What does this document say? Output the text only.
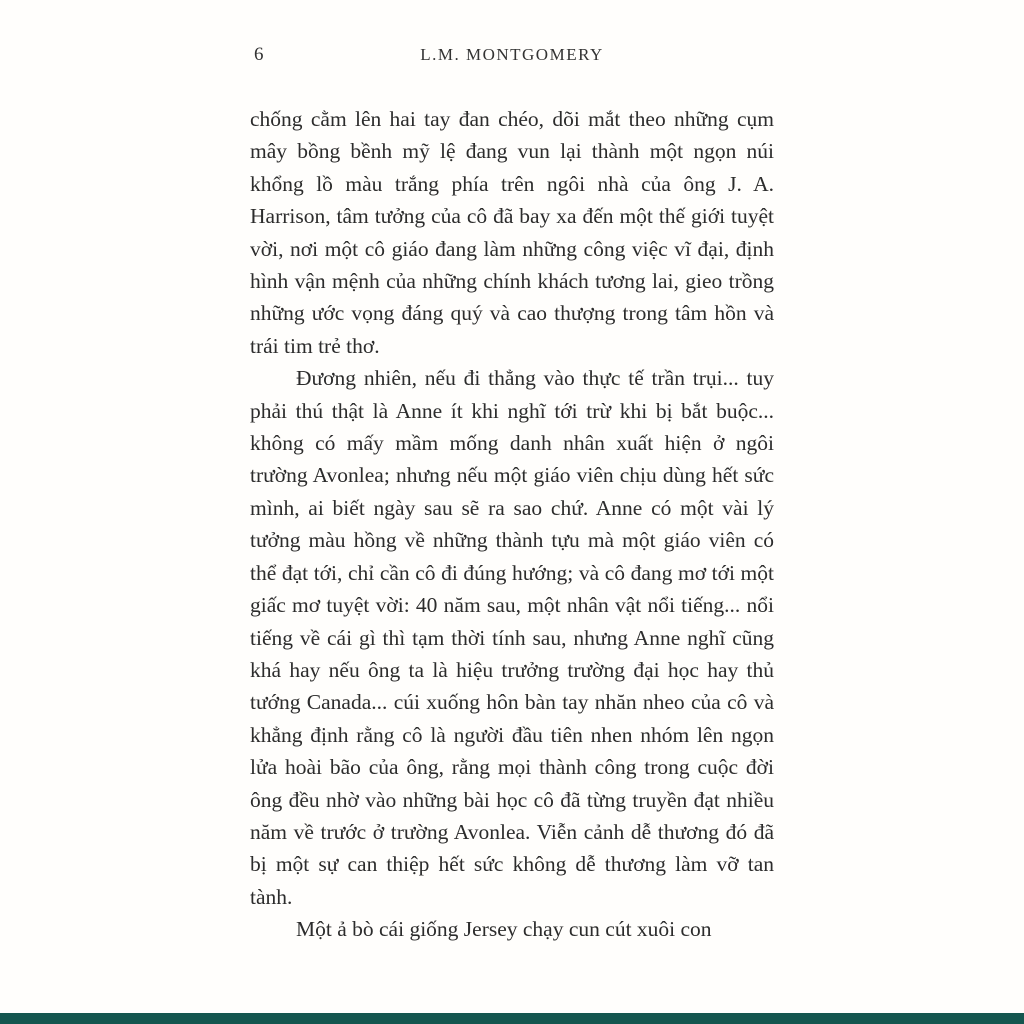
6	L.M. MONTGOMERY

chống cằm lên hai tay đan chéo, dõi mắt theo những cụm mây bồng bềnh mỹ lệ đang vun lại thành một ngọn núi khổng lồ màu trắng phía trên ngôi nhà của ông J. A. Harrison, tâm tưởng của cô đã bay xa đến một thế giới tuyệt vời, nơi một cô giáo đang làm những công việc vĩ đại, định hình vận mệnh của những chính khách tương lai, gieo trồng những ước vọng đáng quý và cao thượng trong tâm hồn và trái tim trẻ thơ.

Đương nhiên, nếu đi thẳng vào thực tế trần trụi... tuy phải thú thật là Anne ít khi nghĩ tới trừ khi bị bắt buộc... không có mấy mầm mống danh nhân xuất hiện ở ngôi trường Avonlea; nhưng nếu một giáo viên chịu dùng hết sức mình, ai biết ngày sau sẽ ra sao chứ. Anne có một vài lý tưởng màu hồng về những thành tựu mà một giáo viên có thể đạt tới, chỉ cần cô đi đúng hướng; và cô đang mơ tới một giấc mơ tuyệt vời: 40 năm sau, một nhân vật nổi tiếng... nổi tiếng về cái gì thì tạm thời tính sau, nhưng Anne nghĩ cũng khá hay nếu ông ta là hiệu trưởng trường đại học hay thủ tướng Canada... cúi xuống hôn bàn tay nhăn nheo của cô và khẳng định rằng cô là người đầu tiên nhen nhóm lên ngọn lửa hoài bão của ông, rằng mọi thành công trong cuộc đời ông đều nhờ vào những bài học cô đã từng truyền đạt nhiều năm về trước ở trường Avonlea. Viễn cảnh dễ thương đó đã bị một sự can thiệp hết sức không dễ thương làm vỡ tan tành.

Một ả bò cái giống Jersey chạy cun cút xuôi con
